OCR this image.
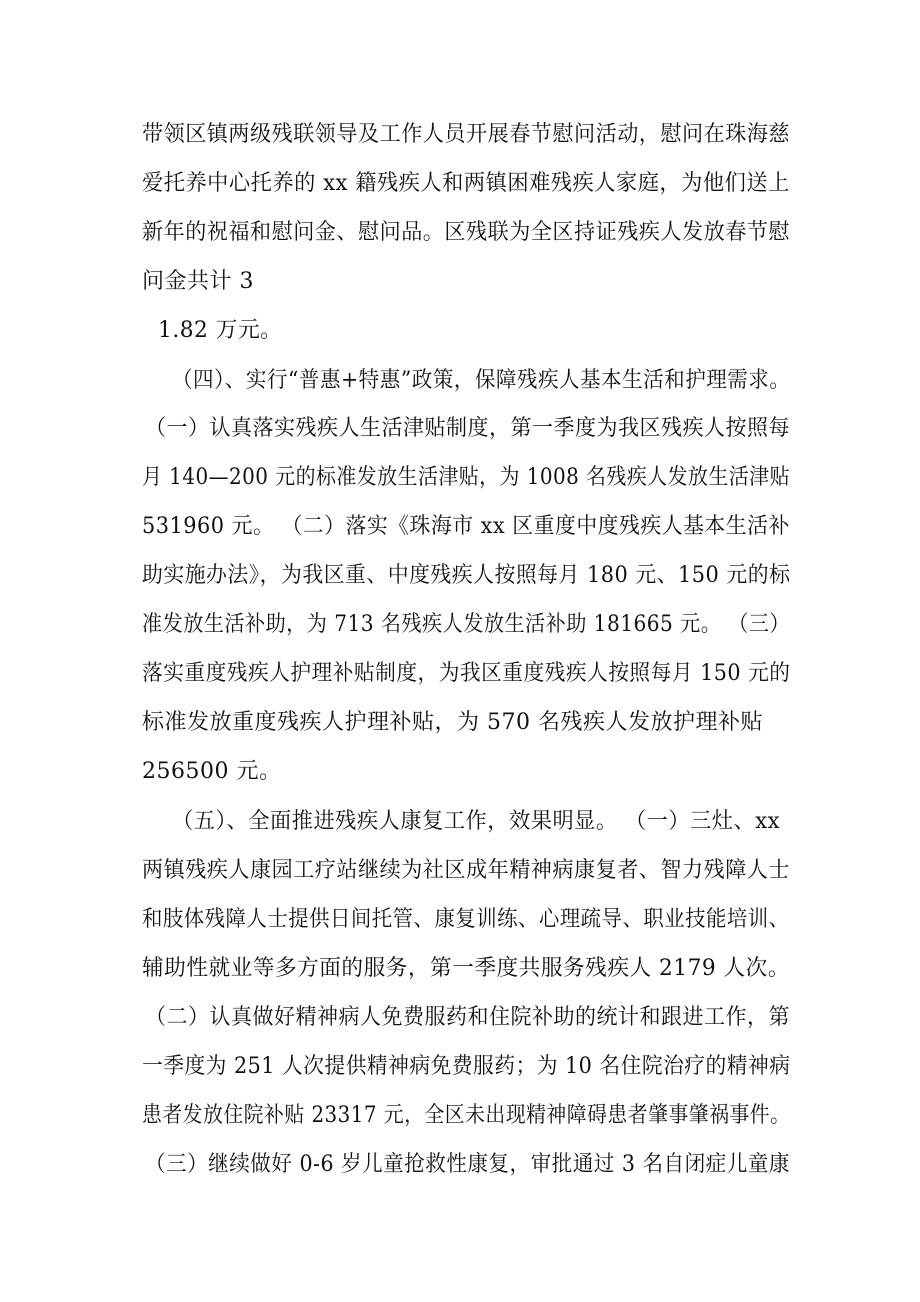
带领区镇两级残联领导及工作人员开展春节慰问活动，慰问在珠海慈
爱托养中心托养的 xx 籍残疾人和两镇困难残疾人家庭，为他们送上
新年的祝福和慰问金、慰问品。区残联为全区持证残疾人发放春节慰
问金共计 3
1.82 万元。
（四）、实行“普惠+特惠”政策，保障残疾人基本生活和护理需求。
（一）认真落实残疾人生活津贴制度，第一季度为我区残疾人按照每
月 140—200 元的标准发放生活津贴，为 1008 名残疾人发放生活津贴
531960 元。 （二）落实《珠海市 xx 区重度中度残疾人基本生活补
助实施办法》，为我区重、中度残疾人按照每月 180 元、150 元的标
准发放生活补助，为 713 名残疾人发放生活补助 181665 元。 （三）
落实重度残疾人护理补贴制度，为我区重度残疾人按照每月 150 元的
标准发放重度残疾人护理补贴，为 570 名残疾人发放护理补贴
256500 元。
（五）、全面推进残疾人康复工作，效果明显。 （一）三灶、xx
两镇残疾人康园工疗站继续为社区成年精神病康复者、智力残障人士
和肢体残障人士提供日间托管、康复训练、心理疏导、职业技能培训、
辅助性就业等多方面的服务，第一季度共服务残疾人 2179 人次。
（二）认真做好精神病人免费服药和住院补助的统计和跟进工作，第
一季度为 251 人次提供精神病免费服药；为 10 名住院治疗的精神病
患者发放住院补贴 23317 元，全区未出现精神障碍患者肇事肇祸事件。
（三）继续做好 0-6 岁儿童抢救性康复，审批通过 3 名自闭症儿童康
